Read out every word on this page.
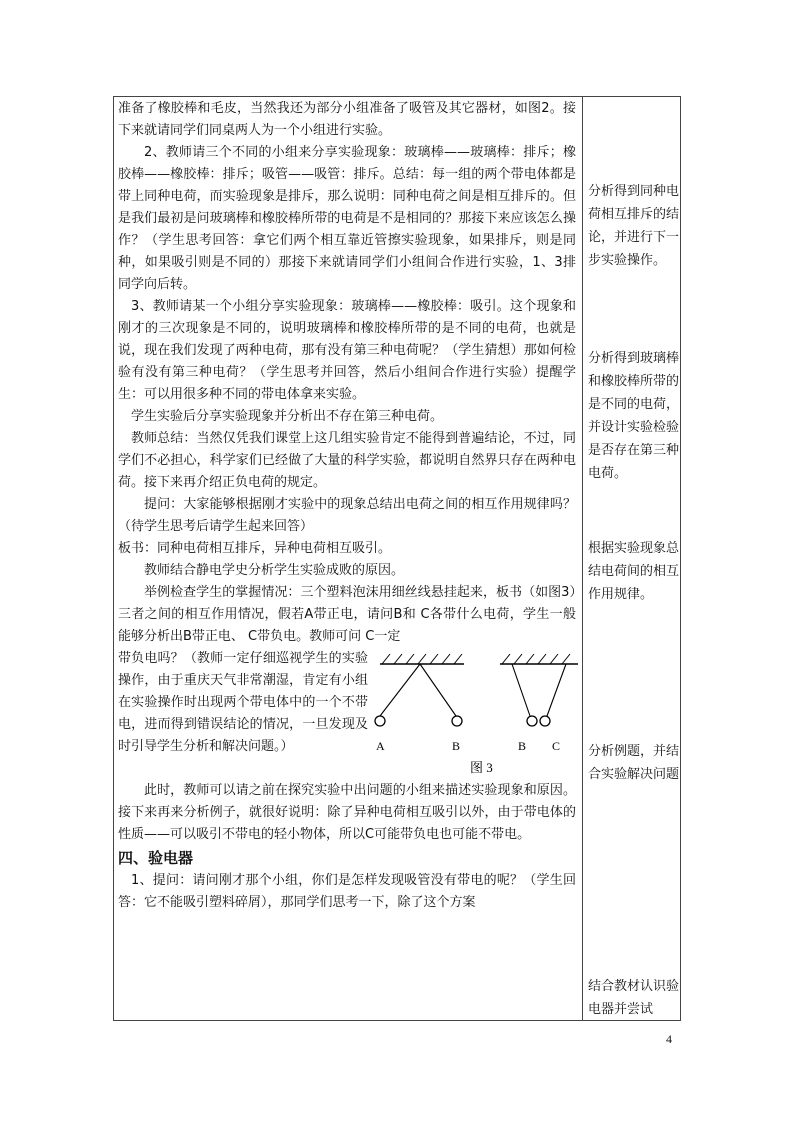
准备了橡胶棒和毛皮，当然我还为部分小组准备了吸管及其它器材，如图2。接下来就请同学们同桌两人为一个小组进行实验。

2、教师请三个不同的小组来分享实验现象：玻璃棒——玻璃棒：排斥；橡胶棒——橡胶棒：排斥；吸管——吸管：排斥。总结：每一组的两个带电体都是带上同种电荷，而实验现象是排斥，那么说明：同种电荷之间是相互排斥的。但是我们最初是问玻璃棒和橡胶棒所带的电荷是不是相同的？那接下来应该怎么操作？（学生思考回答：拿它们两个相互靠近管擦实验现象，如果排斥，则是同种，如果吸引则是不同的）那接下来就请同学们小组间合作进行实验，1、3排同学向后转。

3、教师请某一个小组分享实验现象：玻璃棒——橡胶棒：吸引。这个现象和刚才的三次现象是不同的，说明玻璃棒和橡胶棒所带的是不同的电荷，也就是说，现在我们发现了两种电荷，那有没有第三种电荷呢？（学生猜想）那如何检验有没有第三种电荷？（学生思考并回答，然后小组间合作进行实验）提醒学生：可以用很多种不同的带电体拿来实验。

学生实验后分享实验现象并分析出不存在第三种电荷。

教师总结：当然仅凭我们课堂上这几组实验肯定不能得到普遍结论，不过，同学们不必担心，科学家们已经做了大量的科学实验，都说明自然界只存在两种电荷。接下来再介绍正负电荷的规定。

提问：大家能够根据刚才实验中的现象总结出电荷之间的相互作用规律吗？（待学生思考后请学生起来回答）

板书：同种电荷相互排斥，异种电荷相互吸引。

教师结合静电学史分析学生实验成败的原因。

举例检查学生的掌握情况：三个塑料泡沫用细丝线悬挂起来，板书（如图3）三者之间的相互作用情况，假若A带正电，请问B和 C各带什么电荷，学生一般能够分析出B带正电、 C带负电。教师可问 C一定

带负电吗？（教师一定仔细巡视学生的实验操作，由于重庆天气非常潮湿，肯定有小组在实验操作时出现两个带电体中的一个不带电，进而得到错误结论的情况，一旦发现及时引导学生分析和解决问题。）	A	B	B C
图 3

此时，教师可以请之前在探究实验中出问题的小组来描述实验现象和原因。接下来再来分析例子，就很好说明：除了异种电荷相互吸引以外，由于带电体的性质——可以吸引不带电的轻小物体，所以C可能带负电也可能不带电。

四、验电器

1、提问：请问刚才那个小组，你们是怎样发现吸管没有带电的呢？（学生回答：它不能吸引塑料碎屑），那同学们思考一下，除了这个方案

分析得到同种电荷相互排斥的结论，并进行下一步实验操作。
分析得到玻璃棒和橡胶棒所带的是不同的电荷，并设计实验检验是否存在第三种电荷。
根据实验现象总结电荷间的相互作用规律。
分析例题，并结合实验解决问题
结合教材认识验电器并尝试
4
